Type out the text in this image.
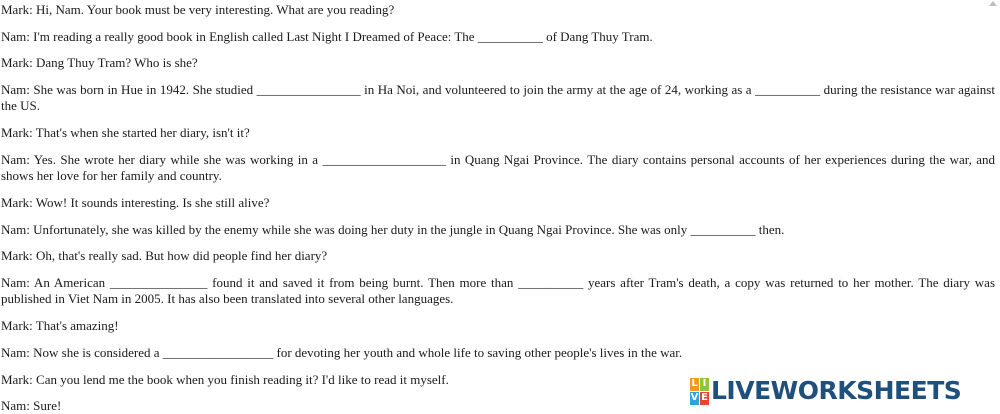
Mark: Hi, Nam. Your book must be very interesting. What are you reading?
Nam: I'm reading a really good book in English called Last Night I Dreamed of Peace: The __________ of Dang Thuy Tram.
Mark: Dang Thuy Tram? Who is she?
Nam: She was born in Hue in 1942. She studied ________________ in Ha Noi, and volunteered to join the army at the age of 24, working as a __________ during the resistance war against the US.
Mark: That's when she started her diary, isn't it?
Nam: Yes. She wrote her diary while she was working in a ___________________ in Quang Ngai Province. The diary contains personal accounts of her experiences during the war, and shows her love for her family and country.
Mark: Wow! It sounds interesting. Is she still alive?
Nam: Unfortunately, she was killed by the enemy while she was doing her duty in the jungle in Quang Ngai Province. She was only __________ then.
Mark: Oh, that's really sad. But how did people find her diary?
Nam: An American _______________ found it and saved it from being burnt. Then more than __________ years after Tram's death, a copy was returned to her mother. The diary was published in Viet Nam in 2005. It has also been translated into several other languages.
Mark: That's amazing!
Nam: Now she is considered a _________________ for devoting her youth and whole life to saving other people's lives in the war.
Mark: Can you lend me the book when you finish reading it? I'd like to read it myself.
Nam: Sure!
L I
V E LIVEWORKSHEETS
